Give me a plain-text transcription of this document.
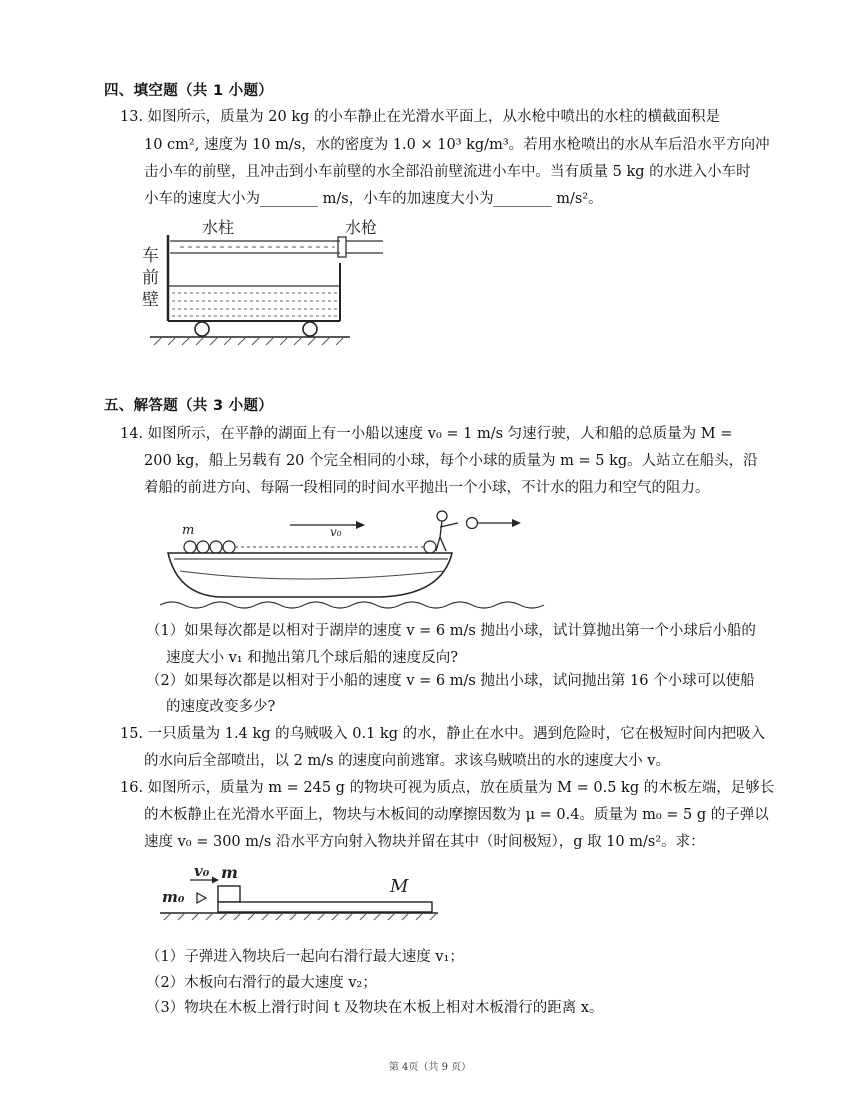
四、填空题（共 1 小题）
13. 如图所示，质量为 20 kg 的小车静止在光滑水平面上，从水枪中喷出的水柱的横截面积是
10 cm², 速度为 10 m/s，水的密度为 1.0 × 10³ kg/m³。若用水枪喷出的水从车后沿水平方向冲
击小车的前壁，且冲击到小车前壁的水全部沿前壁流进小车中。当有质量 5 kg 的水进入小车时
小车的速度大小为________ m/s，小车的加速度大小为________ m/s²。
水柱	水枪
车
前
壁
五、解答题（共 3 小题）
14. 如图所示，在平静的湖面上有一小船以速度 v₀ = 1 m/s 匀速行驶，人和船的总质量为 M =
200 kg，船上另载有 20 个完全相同的小球，每个小球的质量为 m = 5 kg。人站立在船头，沿
着船的前进方向、每隔一段相同的时间水平抛出一个小球，不计水的阻力和空气的阻力。
m	v₀
（1）如果每次都是以相对于湖岸的速度 v = 6 m/s 抛出小球，试计算抛出第一个小球后小船的
速度大小 v₁ 和抛出第几个球后船的速度反向?
（2）如果每次都是以相对于小船的速度 v = 6 m/s 抛出小球，试问抛出第 16 个小球可以使船
的速度改变多少?
15. 一只质量为 1.4 kg 的乌贼吸入 0.1 kg 的水，静止在水中。遇到危险时，它在极短时间内把吸入
的水向后全部喷出，以 2 m/s 的速度向前逃窜。求该乌贼喷出的水的速度大小 v。
16. 如图所示，质量为 m = 245 g 的物块可视为质点，放在质量为 M = 0.5 kg 的木板左端，足够长
的木板静止在光滑水平面上，物块与木板间的动摩擦因数为 μ = 0.4。质量为 m₀ = 5 g 的子弹以
速度 v₀ = 300 m/s 沿水平方向射入物块并留在其中（时间极短），g 取 10 m/s²。求：
v₀ m
m₀	M
（1）子弹进入物块后一起向右滑行最大速度 v₁；
（2）木板向右滑行的最大速度 v₂；
（3）物块在木板上滑行时间 t 及物块在木板上相对木板滑行的距离 x。
第 4页（共 9 页）
